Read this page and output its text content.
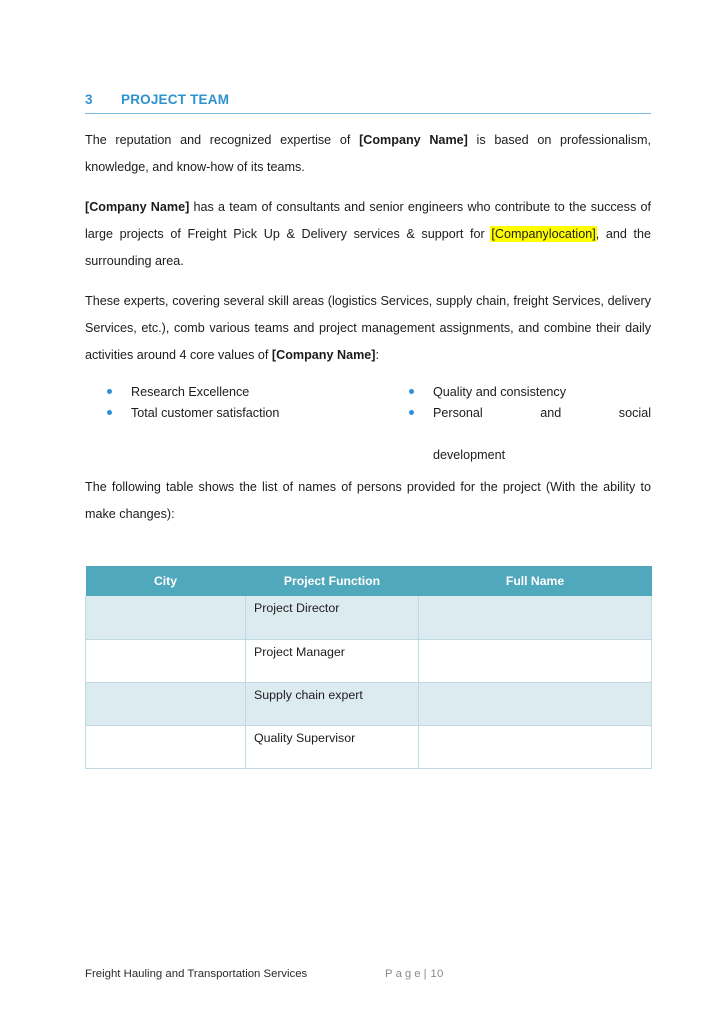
3	PROJECT TEAM

The reputation and recognized expertise of [Company Name] is based on professionalism, knowledge, and know-how of its teams.

[Company Name] has a team of consultants and senior engineers who contribute to the success of large projects of Freight Pick Up & Delivery services & support for [Companylocation], and the surrounding area.

These experts, covering several skill areas (logistics Services, supply chain, freight Services, delivery Services, etc.), comb various teams and project management assignments, and combine their daily activities around 4 core values of [Company Name]:

Research Excellence
Total customer satisfaction
Quality and consistency
Personal and social
development

The following table shows the list of names of persons provided for the project (With the ability to make changes):

City	Project Function	Full Name
	Project Director	
	Project Manager	
	Supply chain expert	
	Quality Supervisor	
Freight Hauling and Transportation Services	Page| 10
